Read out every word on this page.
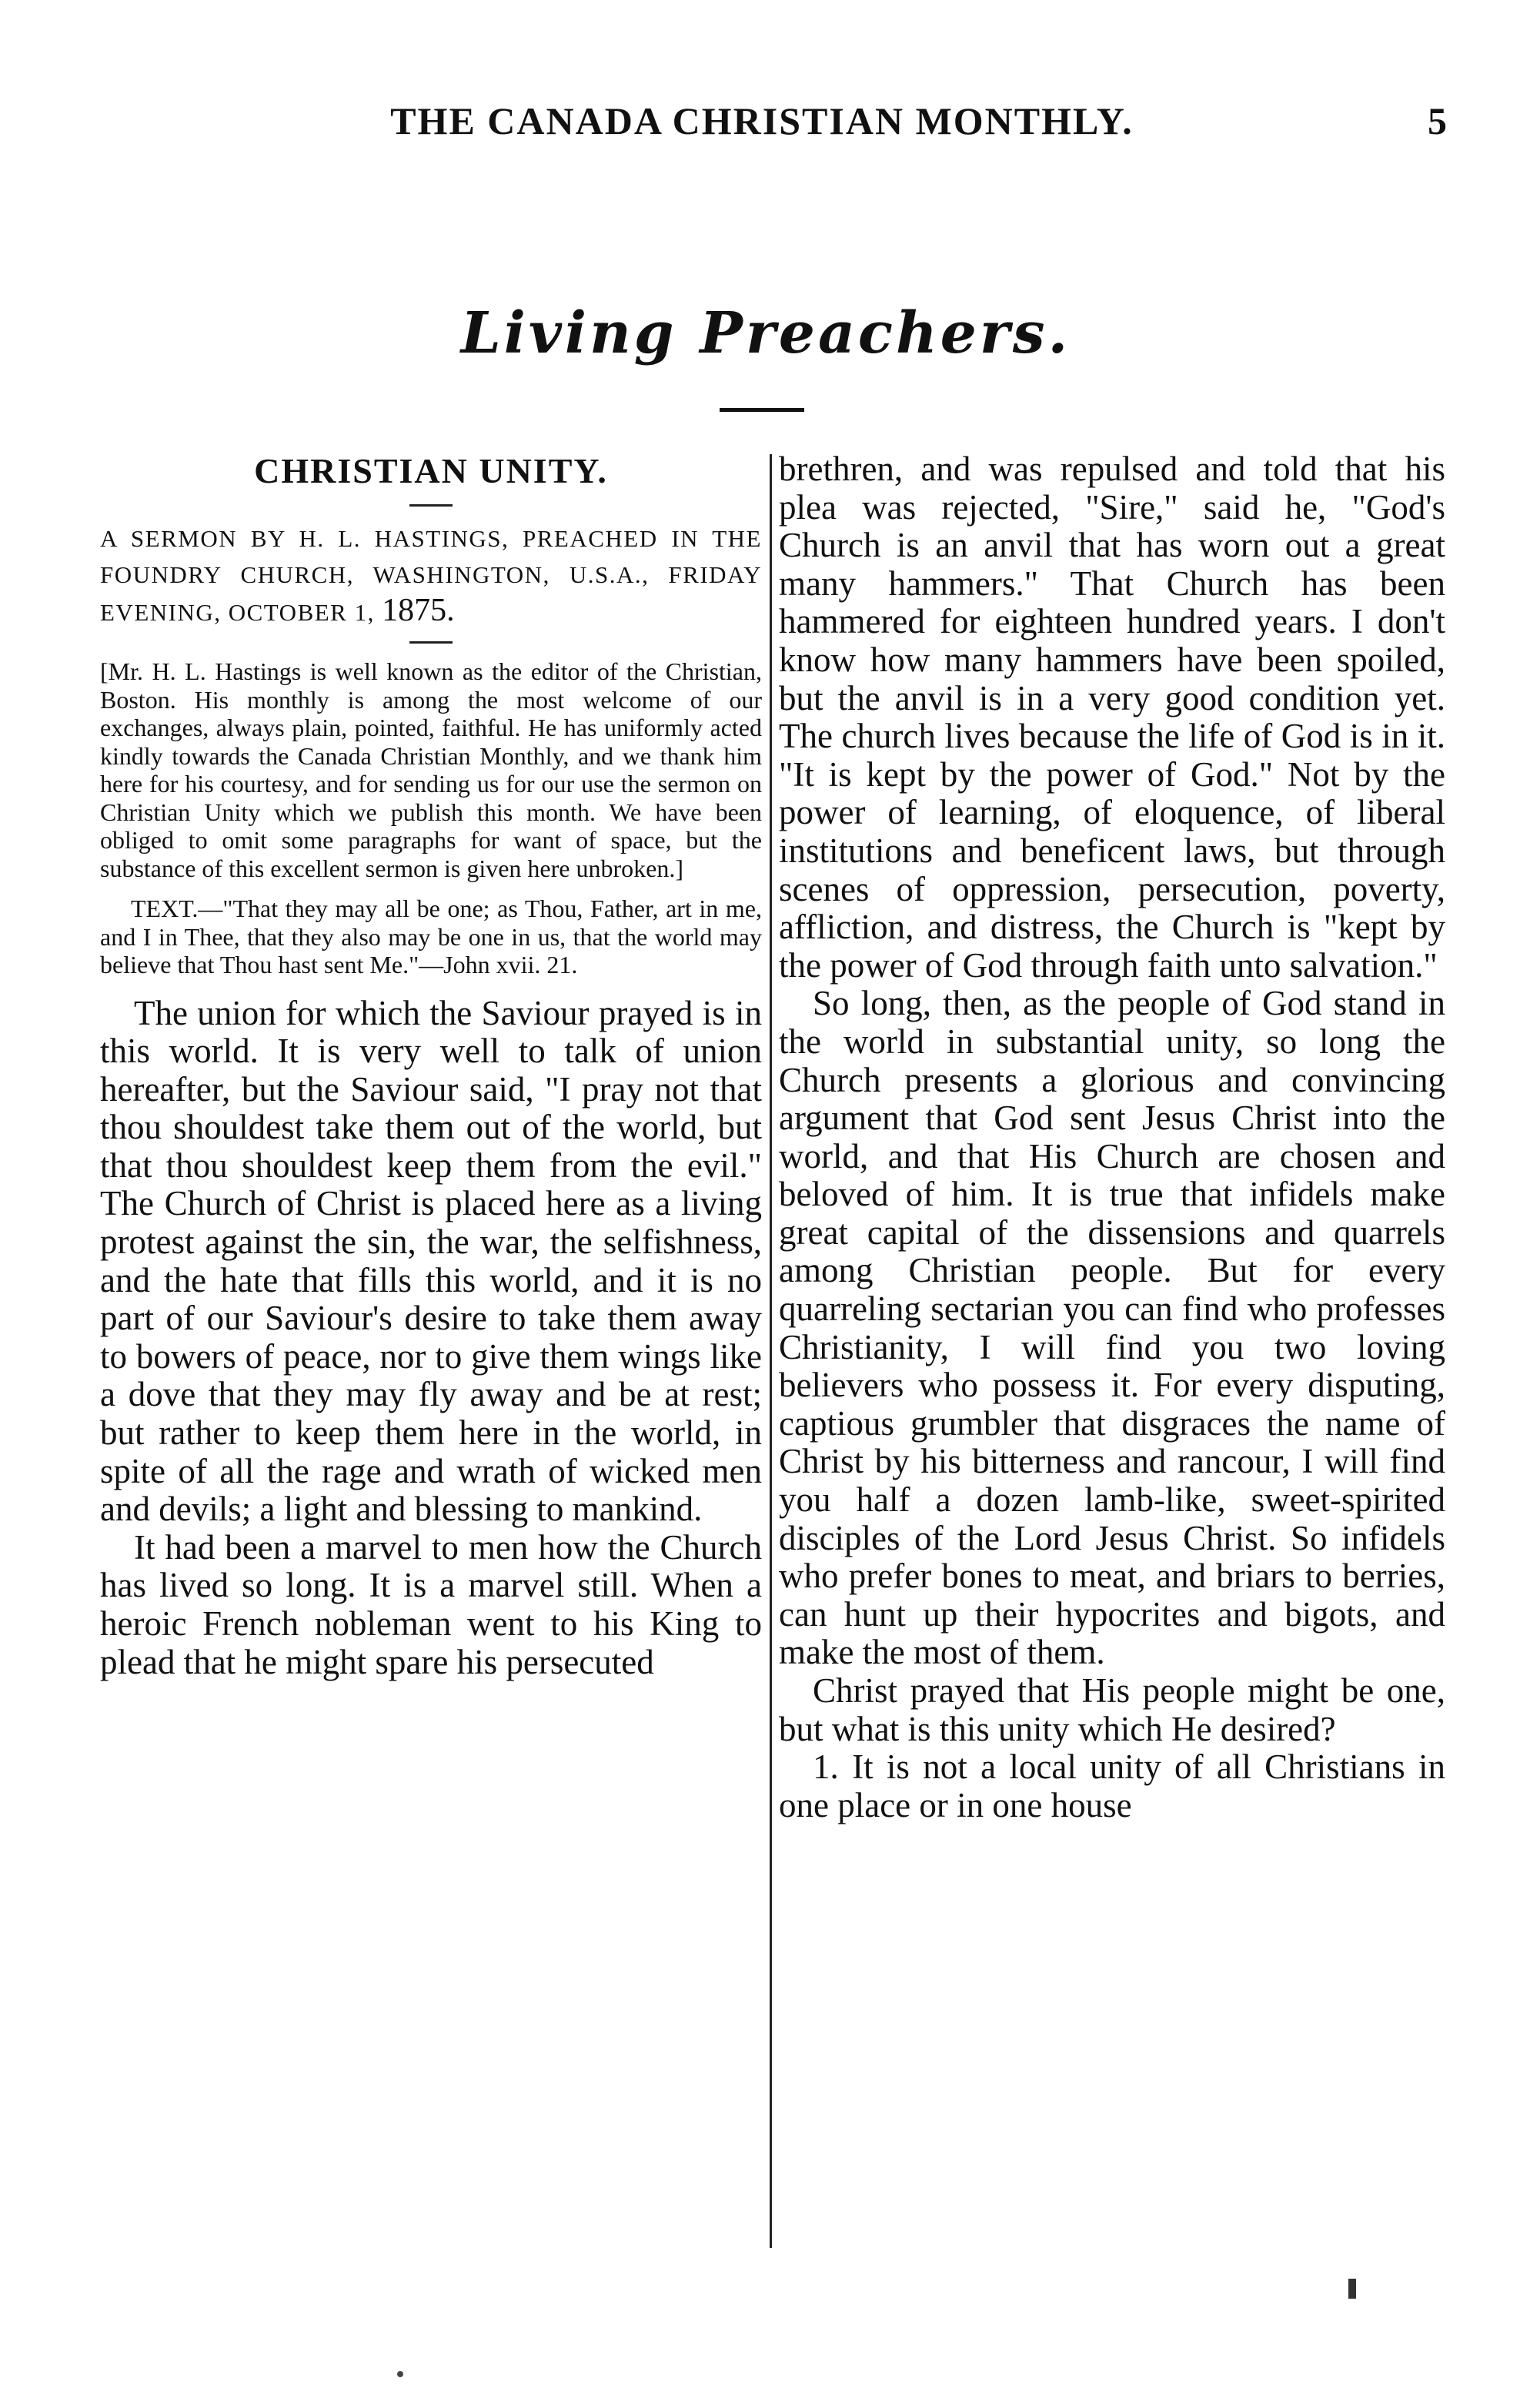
THE CANADA CHRISTIAN MONTHLY.	5
Living Preachers.
CHRISTIAN UNITY.

A SERMON BY H. L. HASTINGS, PREACHED IN THE FOUNDRY CHURCH, WASHINGTON, U.S.A., FRIDAY EVENING, OCTOBER 1, 1875.

[Mr. H. L. Hastings is well known as the editor of the Christian, Boston. His monthly is among the most welcome of our exchanges, always plain, pointed, faithful. He has uniformly acted kindly towards the Canada Christian Monthly, and we thank him here for his courtesy, and for sending us for our use the sermon on Christian Unity which we publish this month. We have been obliged to omit some paragraphs for want of space, but the substance of this excellent sermon is given here unbroken.]

TEXT.—"That they may all be one; as Thou, Father, art in me, and I in Thee, that they also may be one in us, that the world may believe that Thou hast sent Me."—John xvii. 21.

The union for which the Saviour prayed is in this world. It is very well to talk of union hereafter, but the Saviour said, "I pray not that thou shouldest take them out of the world, but that thou shouldest keep them from the evil." The Church of Christ is placed here as a living protest against the sin, the war, the selfishness, and the hate that fills this world, and it is no part of our Saviour's desire to take them away to bowers of peace, nor to give them wings like a dove that they may fly away and be at rest; but rather to keep them here in the world, in spite of all the rage and wrath of wicked men and devils; a light and blessing to mankind.

It had been a marvel to men how the Church has lived so long. It is a marvel still. When a heroic French nobleman went to his King to plead that he might spare his persecuted

brethren, and was repulsed and told that his plea was rejected, "Sire," said he, "God's Church is an anvil that has worn out a great many hammers." That Church has been hammered for eighteen hundred years. I don't know how many hammers have been spoiled, but the anvil is in a very good condition yet. The church lives because the life of God is in it. "It is kept by the power of God." Not by the power of learning, of eloquence, of liberal institutions and beneficent laws, but through scenes of oppression, persecution, poverty, affliction, and distress, the Church is "kept by the power of God through faith unto salvation."

So long, then, as the people of God stand in the world in substantial unity, so long the Church presents a glorious and convincing argument that God sent Jesus Christ into the world, and that His Church are chosen and beloved of him. It is true that infidels make great capital of the dissensions and quarrels among Christian people. But for every quarreling sectarian you can find who professes Christianity, I will find you two loving believers who possess it. For every disputing, captious grumbler that disgraces the name of Christ by his bitterness and rancour, I will find you half a dozen lamb-like, sweet-spirited disciples of the Lord Jesus Christ. So infidels who prefer bones to meat, and briars to berries, can hunt up their hypocrites and bigots, and make the most of them.

Christ prayed that His people might be one, but what is this unity which He desired?

1. It is not a local unity of all Christians in one place or in one house
